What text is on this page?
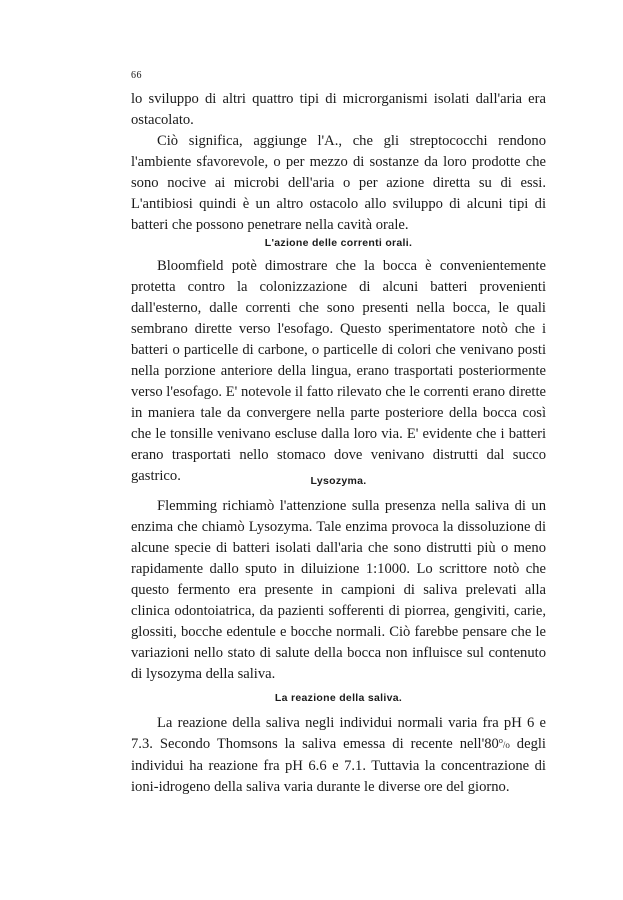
66

lo sviluppo di altri quattro tipi di microrganismi isolati dall'aria era ostacolato.

Ciò significa, aggiunge l'A., che gli streptococchi rendono l'ambiente sfavorevole, o per mezzo di sostanze da loro prodotte che sono nocive ai microbi dell'aria o per azione diretta su di essi. L'antibiosi quindi è un altro ostacolo allo sviluppo di alcuni tipi di batteri che possono penetrare nella cavità orale.

L'azione delle correnti orali.

Bloomfield potè dimostrare che la bocca è convenientemente protetta contro la colonizzazione di alcuni batteri provenienti dall'esterno, dalle correnti che sono presenti nella bocca, le quali sembrano dirette verso l'esofago. Questo sperimentatore notò che i batteri o particelle di carbone, o particelle di colori che venivano posti nella porzione anteriore della lingua, erano trasportati posteriormente verso l'esofago. E' notevole il fatto rilevato che le correnti erano dirette in maniera tale da convergere nella parte posteriore della bocca così che le tonsille venivano escluse dalla loro via. E' evidente che i batteri erano trasportati nello stomaco dove venivano distrutti dal succo gastrico.	Lysozyma.

Flemming richiamò l'attenzione sulla presenza nella saliva di un enzima che chiamò Lysozyma. Tale enzima provoca la dissoluzione di alcune specie di batteri isolati dall'aria che sono distrutti più o meno rapidamente dallo sputo in diluizione 1:1000. Lo scrittore notò che questo fermento era presente in campioni di saliva prelevati alla clinica odontoiatrica, da pazienti sofferenti di piorrea, gengiviti, carie, glossiti, bocche edentule e bocche normali. Ciò farebbe pensare che le variazioni nello stato di salute della bocca non influisce sul contenuto di lysozyma della saliva.

La reazione della saliva.

La reazione della saliva negli individui normali varia fra pH 6 e 7.3. Secondo Thomsons la saliva emessa di recente nell'80$^o$/o degli individui ha reazione fra pH 6.6 e 7.1. Tuttavia la concentrazione di ioni-idrogeno della saliva varia durante le diverse ore del giorno.
